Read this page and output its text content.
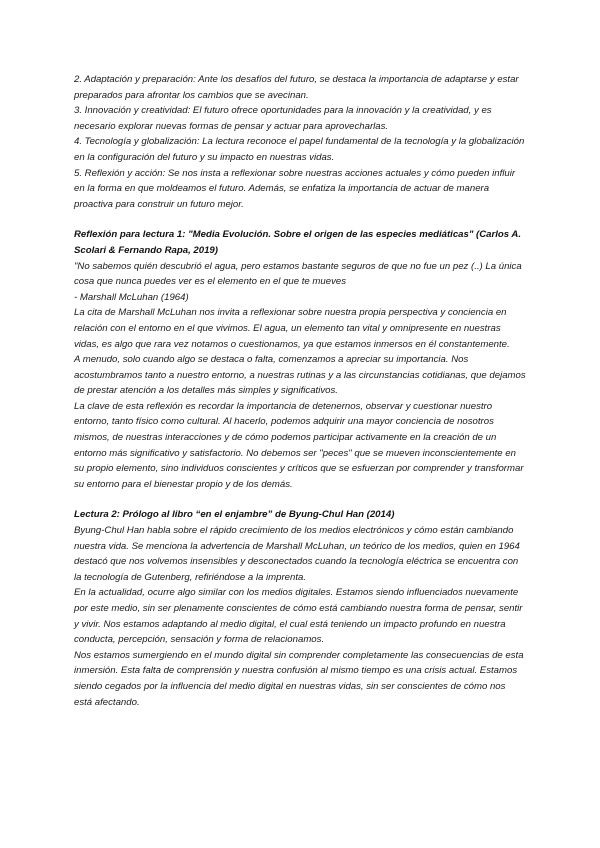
2. Adaptación y preparación: Ante los desafíos del futuro, se destaca la importancia de adaptarse y estar preparados para afrontar los cambios que se avecinan.

3. Innovación y creatividad: El futuro ofrece oportunidades para la innovación y la creatividad, y es necesario explorar nuevas formas de pensar y actuar para aprovecharlas.

4. Tecnología y globalización: La lectura reconoce el papel fundamental de la tecnología y la globalización en la configuración del futuro y su impacto en nuestras vidas.

5. Reflexión y acción: Se nos insta a reflexionar sobre nuestras acciones actuales y cómo pueden influir en la forma en que moldeamos el futuro. Además, se enfatiza la importancia de actuar de manera proactiva para construir un futuro mejor.

Reflexión para lectura 1: "Media Evolución. Sobre el origen de las especies mediáticas" (Carlos A. Scolari & Fernando Rapa, 2019)

"No sabemos quién descubrió el agua, pero estamos bastante seguros de que no fue un pez (..) La única cosa que nunca puedes ver es el elemento en el que te mueves

- Marshall McLuhan (1964)

La cita de Marshall McLuhan nos invita a reflexionar sobre nuestra propia perspectiva y conciencia en relación con el entorno en el que vivimos. El agua, un elemento tan vital y omnipresente en nuestras vidas, es algo que rara vez notamos o cuestionamos, ya que estamos inmersos en él constantemente.

A menudo, solo cuando algo se destaca o falta, comenzamos a apreciar su importancia. Nos acostumbramos tanto a nuestro entorno, a nuestras rutinas y a las circunstancias cotidianas, que dejamos de prestar atención a los detalles más simples y significativos.

La clave de esta reflexión es recordar la importancia de detenernos, observar y cuestionar nuestro entorno, tanto físico como cultural. Al hacerlo, podemos adquirir una mayor conciencia de nosotros mismos, de nuestras interacciones y de cómo podemos participar activamente en la creación de un entorno más significativo y satisfactorio. No debemos ser "peces" que se mueven inconscientemente en su propio elemento, sino individuos conscientes y críticos que se esfuerzan por comprender y transformar su entorno para el bienestar propio y de los demás.

Lectura 2: Prólogo al libro “en el enjambre” de Byung-Chul Han (2014)

Byung-Chul Han habla sobre el rápido crecimiento de los medios electrónicos y cómo están cambiando nuestra vida. Se menciona la advertencia de Marshall McLuhan, un teórico de los medios, quien en 1964 destacó que nos volvemos insensibles y desconectados cuando la tecnología eléctrica se encuentra con la tecnología de Gutenberg, refiriéndose a la imprenta.

En la actualidad, ocurre algo similar con los medios digitales. Estamos siendo influenciados nuevamente por este medio, sin ser plenamente conscientes de cómo está cambiando nuestra forma de pensar, sentir y vivir. Nos estamos adaptando al medio digital, el cual está teniendo un impacto profundo en nuestra conducta, percepción, sensación y forma de relacionamos.

Nos estamos sumergiendo en el mundo digital sin comprender completamente las consecuencias de esta inmersión. Esta falta de comprensión y nuestra confusión al mismo tiempo es una crisis actual. Estamos siendo cegados por la influencia del medio digital en nuestras vidas, sin ser conscientes de cómo nos está afectando.
